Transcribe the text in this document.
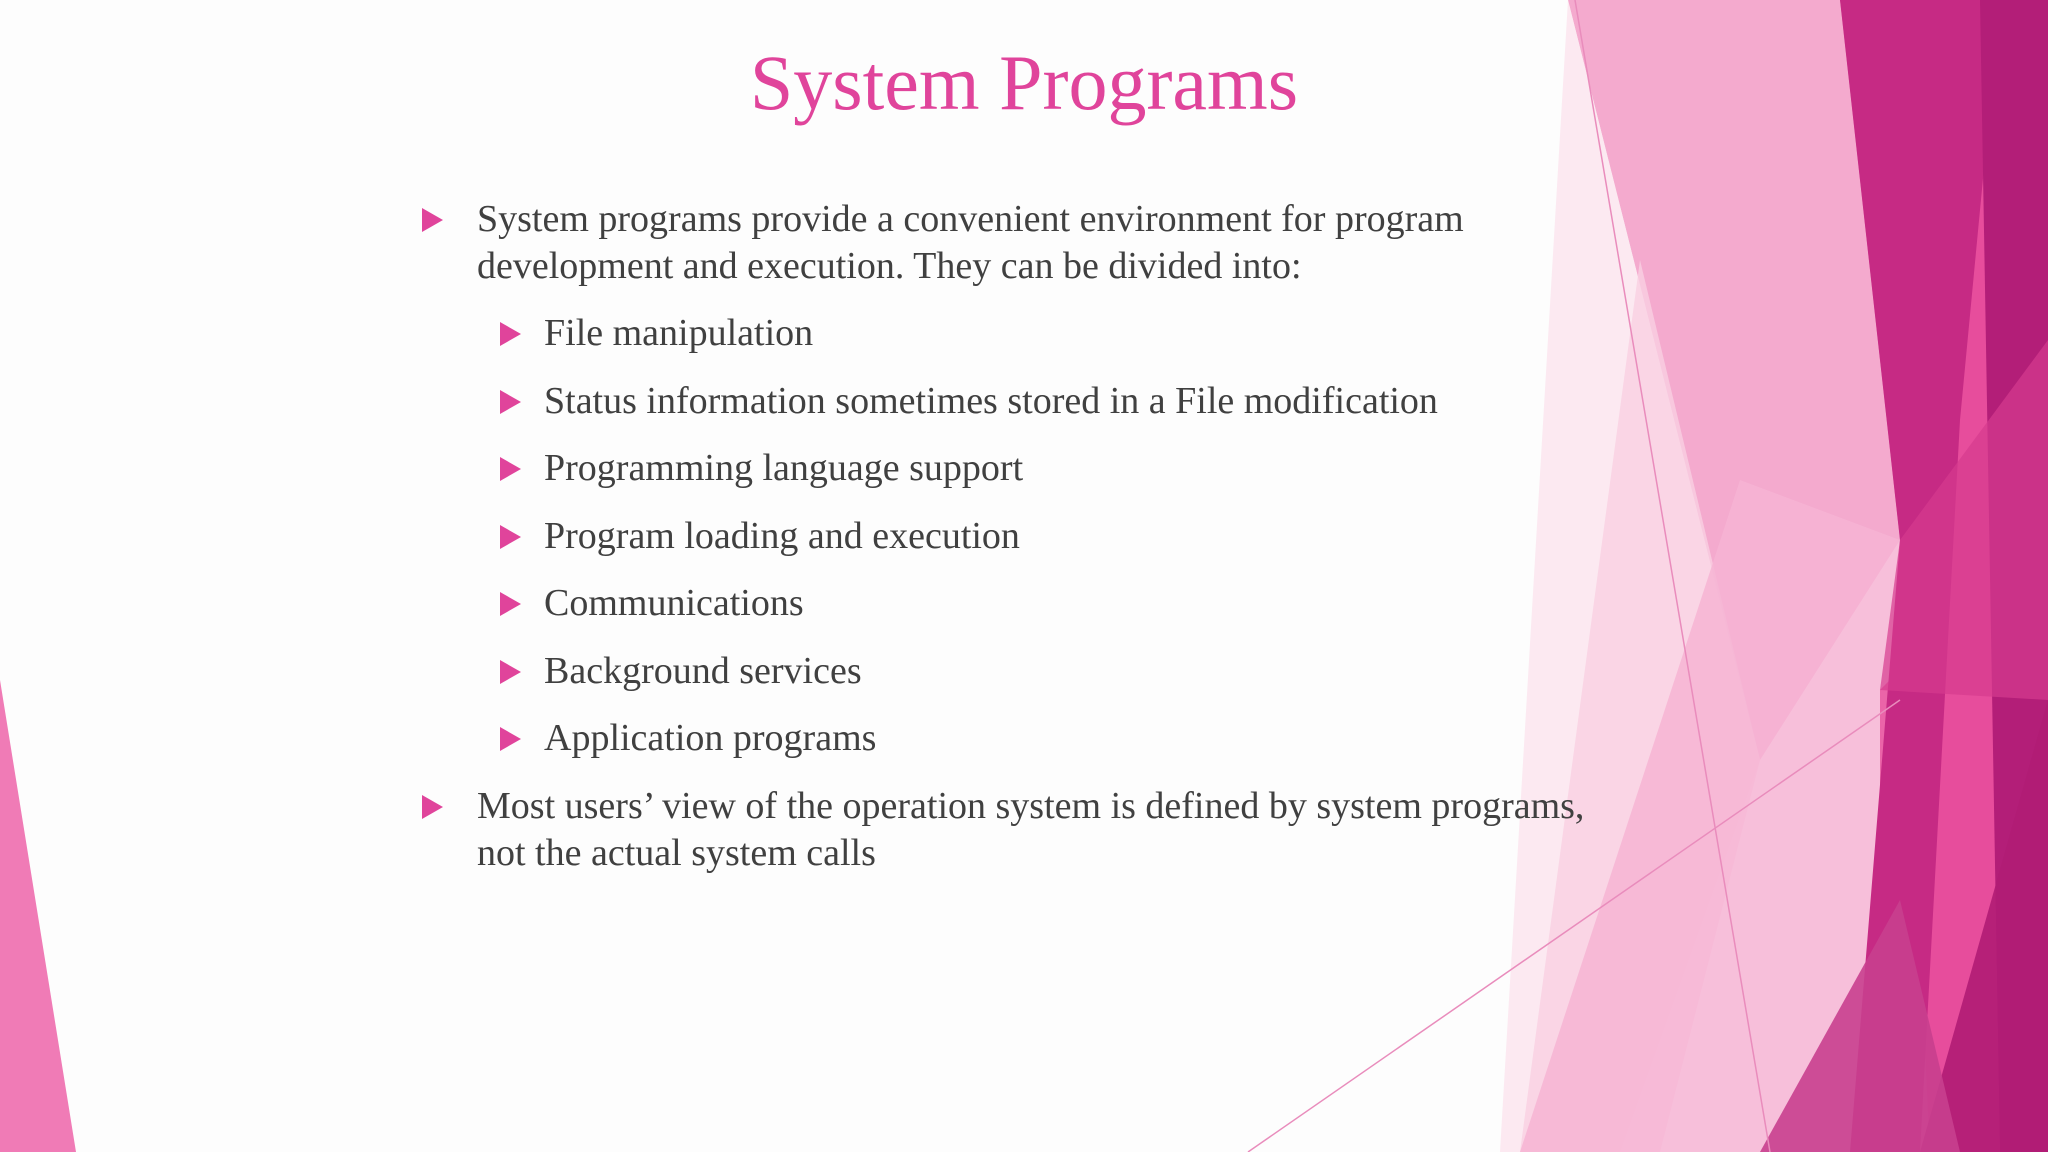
System Programs
System programs provide a convenient environment for program development and execution. They can be divided into:
File manipulation
Status information sometimes stored in a File modification
Programming language support
Program loading and execution
Communications
Background services
Application programs
Most users’ view of the operation system is defined by system programs, not the actual system calls
